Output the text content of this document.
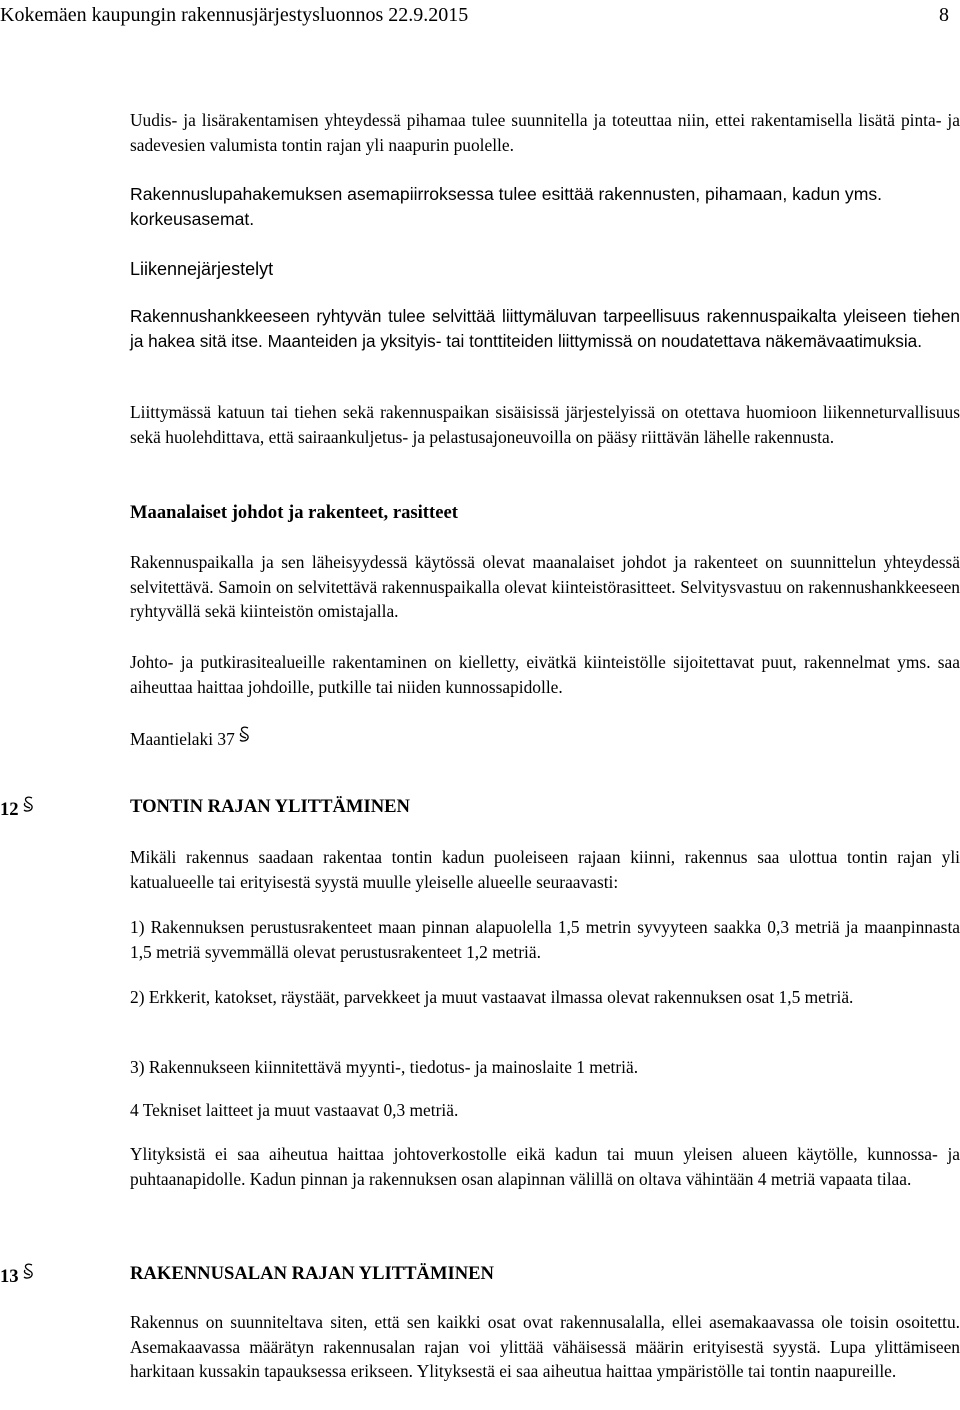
Kokemäen kaupungin rakennusjärjestysluonnos 22.9.2015	8

Uudis- ja lisärakentamisen yhteydessä pihamaa tulee suunnitella ja toteuttaa niin, ettei rakentamisella lisätä pinta- ja sadevesien valumista tontin rajan yli naapurin puolelle.

Rakennuslupahakemuksen asemapiirroksessa tulee esittää rakennusten, pihamaan, kadun yms. korkeusasemat.

Liikennejärjestelyt

Rakennushankkeeseen ryhtyvän tulee selvittää liittymäluvan tarpeellisuus rakennuspaikalta yleiseen tiehen ja hakea sitä itse. Maanteiden ja yksityis- tai tonttiteiden liittymissä on noudatettava näkemävaatimuksia.

Liittymässä katuun tai tiehen sekä rakennuspaikan sisäisissä järjestelyissä on otettava huomioon liikenneturvallisuus sekä huolehdittava, että sairaankuljetus- ja pelastusajoneuvoilla on pääsy riittävän lähelle rakennusta.

Maanalaiset johdot ja rakenteet, rasitteet

Rakennuspaikalla ja sen läheisyydessä käytössä olevat maanalaiset johdot ja rakenteet on suunnittelun yhteydessä selvitettävä. Samoin on selvitettävä rakennuspaikalla olevat kiinteistörasitteet. Selvitysvastuu on rakennushankkeeseen ryhtyvällä sekä kiinteistön omistajalla.

Johto- ja putkirasitealueille rakentaminen on kielletty, eivätkä kiinteistölle sijoitettavat puut, rakennelmat yms. saa aiheuttaa haittaa johdoille, putkille tai niiden kunnossapidolle.

Maantielaki 37
12	TONTIN RAJAN YLITTÄMINEN

Mikäli rakennus saadaan rakentaa tontin kadun puoleiseen rajaan kiinni, rakennus saa ulottua tontin rajan yli katualueelle tai erityisestä syystä muulle yleiselle alueelle seuraavasti:

1) Rakennuksen perustusrakenteet maan pinnan alapuolella 1,5 metrin syvyyteen saakka 0,3 metriä ja maanpinnasta 1,5 metriä syvemmällä olevat perustusrakenteet 1,2 metriä.

2) Erkkerit, katokset, räystäät, parvekkeet ja muut vastaavat ilmassa olevat rakennuksen osat 1,5 metriä.

3) Rakennukseen kiinnitettävä myynti-, tiedotus- ja mainoslaite 1 metriä.

4 Tekniset laitteet ja muut vastaavat 0,3 metriä.

Ylityksistä ei saa aiheutua haittaa johtoverkostolle eikä kadun tai muun yleisen alueen käytölle, kunnossa- ja puhtaanapidolle. Kadun pinnan ja rakennuksen osan alapinnan välillä on oltava vähintään 4 metriä vapaata tilaa.

13	RAKENNUSALAN RAJAN YLITTÄMINEN

Rakennus on suunniteltava siten, että sen kaikki osat ovat rakennusalalla, ellei asemakaavassa ole toisin osoitettu. Asemakaavassa määrätyn rakennusalan rajan voi ylittää vähäisessä määrin erityisestä syystä. Lupa ylittämiseen harkitaan kussakin tapauksessa erikseen. Ylityksestä ei saa aiheutua haittaa ympäristölle tai tontin naapureille.
